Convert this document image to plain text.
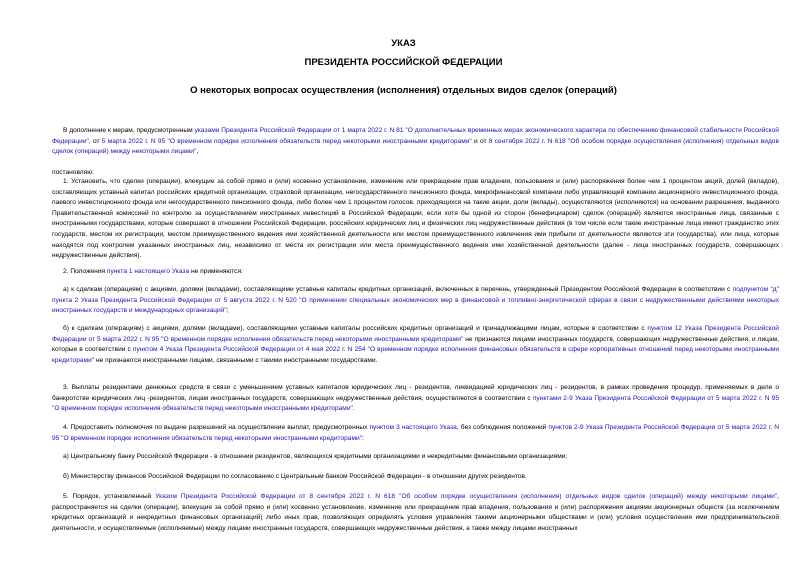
УКАЗ
ПРЕЗИДЕНТА РОССИЙСКОЙ ФЕДЕРАЦИИ
О некоторых вопросах осуществления (исполнения) отдельных видов сделок (операций)

В дополнение к мерам, предусмотренным указами Президента Российской Федерации от 1 марта 2022 г. N 81 "О дополнительных временных мерах экономического характера по обеспечению финансовой стабильности Российской Федерации", от 5 марта 2022 г. N 95 "О временном порядке исполнения обязательств перед некоторыми иностранными кредиторами" и от 8 сентября 2022 г. N 618 "Об особом порядке осуществления (исполнения) отдельных видов сделок (операций) между некоторыми лицами",

постановляю:

1. Установить, что сделки (операции), влекущие за собой прямо и (или) косвенно установление, изменение или прекращение прав владения, пользования и (или) распоряжения более чем 1 процентом акций, долей (вкладов), составляющих уставный капитал российских кредитной организации, страховой организации, негосударственного пенсионного фонда, микрофинансовой компании либо управляющей компании акционерного инвестиционного фонда, паевого инвестиционного фонда или негосударственного пенсионного фонда, либо более чем 1 процентом голосов, приходящихся на такие акции, доли (вклады), осуществляются (исполняются) на основании разрешения, выданного Правительственной комиссией по контролю за осуществлением иностранных инвестиций в Российской Федерации, если хотя бы одной из сторон (бенефициаром) сделок (операций) являются иностранные лица, связанные с иностранными государствами, которые совершают в отношении Российской Федерации, российских юридических лиц и физических лиц недружественные действия (в том числе если такие иностранные лица имеют гражданство этих государств, местом их регистрации, местом преимущественного ведения ими хозяйственной деятельности или местом преимущественного извлечения ими прибыли от деятельности являются эти государства), или лица, которые находятся под контролем указанных иностранных лиц, независимо от места их регистрации или места преимущественного ведения ими хозяйственной деятельности (далее - лица иностранных государств, совершающих недружественные действия).

2. Положения пункта 1 настоящего Указа не применяются:

а) к сделкам (операциям) с акциями, долями (вкладами), составляющими уставные капиталы кредитных организаций, включенных в перечень, утвержденный Президентом Российской Федерации в соответствии с подпунктом "д" пункта 2 Указа Президента Российской Федерации от 5 августа 2022 г. N 520 "О применении специальных экономических мер в финансовой и топливно-энергетической сферах в связи с недружественными действиями некоторых иностранных государств и международных организаций";

б) к сделкам (операциям) с акциями, долями (вкладами), составляющими уставные капиталы российских кредитных организаций и принадлежащими лицам, которые в соответствии с пунктом 12 Указа Президента Российской Федерации от 5 марта 2022 г. N 95 "О временном порядке исполнения обязательств перед некоторыми иностранными кредиторами" не признаются лицами иностранных государств, совершающих недружественные действия, и лицам, которые в соответствии с пунктом 4 Указа Президента Российской Федерации от 4 мая 2022 г. N 254 "О временном порядке исполнения финансовых обязательств в сфере корпоративных отношений перед некоторыми иностранными кредиторами" не признаются иностранными лицами, связанными с такими иностранными государствами.

3. Выплаты резидентами денежных средств в связи с уменьшением уставных капиталов юридических лиц - резидентов, ликвидацией юридических лиц - резидентов, в рамках проведения процедур, применяемых в деле о банкротстве юридических лиц -резидентов, лицам иностранных государств, совершающих недружественные действия, осуществляются в соответствии с пунктами 2-9 Указа Президента Российской Федерации от 5 марта 2022 г. N 95 "О временном порядке исполнения обязательств перед некоторыми иностранными кредиторами".

4. Предоставить полномочия по выдаче разрешений на осуществление выплат, предусмотренных пунктом 3 настоящего Указа, без соблюдения положений пунктов 2-9 Указа Президента Российской Федерации от 5 марта 2022 г. N 95 "О временном порядке исполнения обязательств перед некоторыми иностранными кредиторами":

а) Центральному банку Российской Федерации - в отношении резидентов, являющихся кредитными организациями и некредитными финансовыми организациями;

б) Министерству финансов Российской Федерации по согласованию с Центральным банком Российской Федерации - в отношении других резидентов.

5. Порядок, установленный Указом Президента Российской Федерации от 8 сентября 2022 г. N 618 "Об особом порядке осуществления (исполнения) отдельных видов сделок (операций) между некоторыми лицами", распространяется на сделки (операции), влекущие за собой прямо и (или) косвенно установление, изменение или прекращение прав владения, пользования и (или) распоряжения акциями акционерных обществ (за исключением кредитных организаций и некредитных финансовых организаций) либо иных прав, позволяющих определять условия управления такими акционерными обществами и (или) условия осуществления ими предпринимательской деятельности, и осуществляемые (исполняемые) между лицами иностранных государств, совершающих недружественные действия, а также между лицами иностранных
